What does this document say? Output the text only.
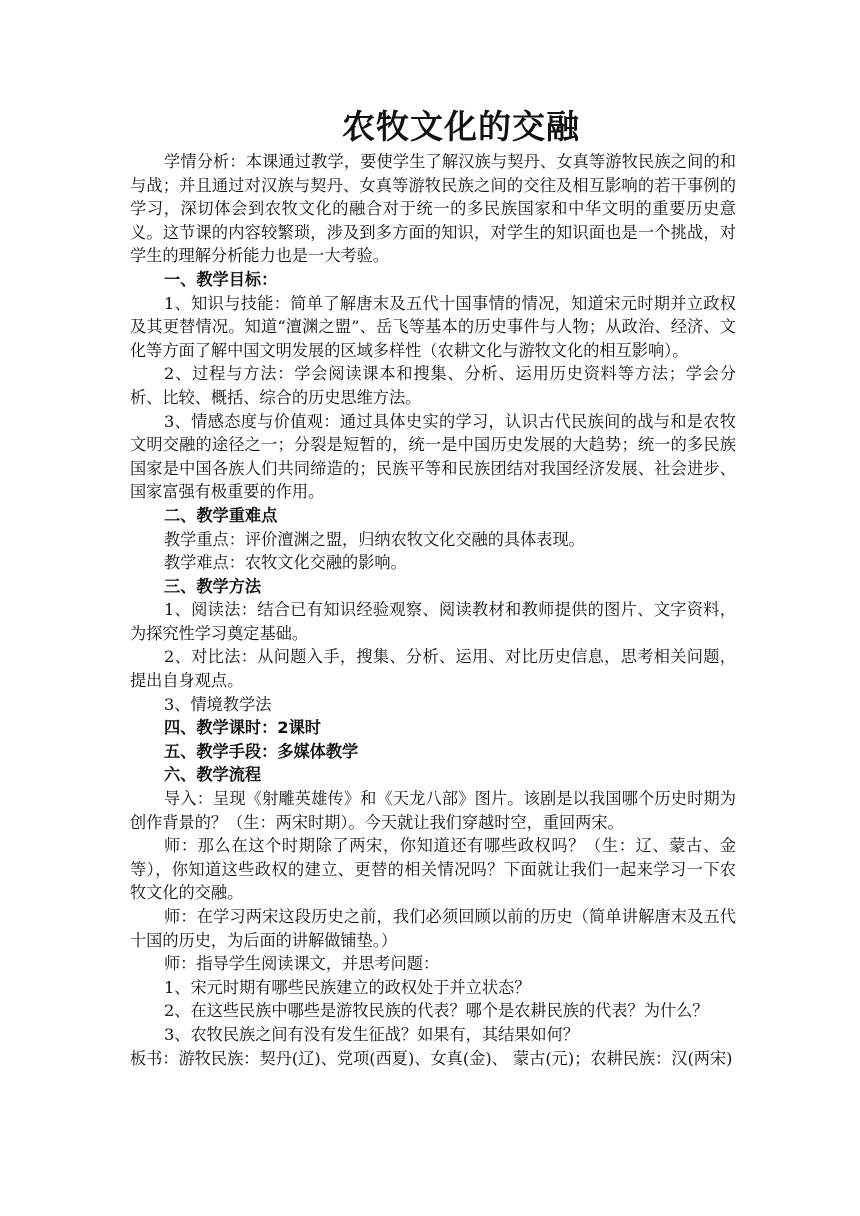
农牧文化的交融

学情分析：本课通过教学，要使学生了解汉族与契丹、女真等游牧民族之间的和与战；并且通过对汉族与契丹、女真等游牧民族之间的交往及相互影响的若干事例的学习，深切体会到农牧文化的融合对于统一的多民族国家和中华文明的重要历史意义。这节课的内容较繁琐，涉及到多方面的知识，对学生的知识面也是一个挑战，对学生的理解分析能力也是一大考验。

一、教学目标：

1、知识与技能：简单了解唐末及五代十国事情的情况，知道宋元时期并立政权及其更替情况。知道“澶渊之盟”、岳飞等基本的历史事件与人物；从政治、经济、文化等方面了解中国文明发展的区域多样性（农耕文化与游牧文化的相互影响）。

2、过程与方法：学会阅读课本和搜集、分析、运用历史资料等方法；学会分析、比较、概括、综合的历史思维方法。

3、情感态度与价值观：通过具体史实的学习，认识古代民族间的战与和是农牧文明交融的途径之一；分裂是短暂的，统一是中国历史发展的大趋势；统一的多民族国家是中国各族人们共同缔造的；民族平等和民族团结对我国经济发展、社会进步、国家富强有极重要的作用。

二、教学重难点

教学重点：评价澶渊之盟，归纳农牧文化交融的具体表现。

教学难点：农牧文化交融的影响。

三、教学方法

1、阅读法：结合已有知识经验观察、阅读教材和教师提供的图片、文字资料，为探究性学习奠定基础。

2、对比法：从问题入手，搜集、分析、运用、对比历史信息，思考相关问题，提出自身观点。

3、情境教学法

四、教学课时：2课时

五、教学手段：多媒体教学

六、教学流程

导入：呈现《射雕英雄传》和《天龙八部》图片。该剧是以我国哪个历史时期为创作背景的？（生：两宋时期）。今天就让我们穿越时空，重回两宋。

师：那么在这个时期除了两宋，你知道还有哪些政权吗？（生：辽、蒙古、金等），你知道这些政权的建立、更替的相关情况吗？下面就让我们一起来学习一下农牧文化的交融。

师：在学习两宋这段历史之前，我们必须回顾以前的历史（简单讲解唐末及五代十国的历史，为后面的讲解做铺垫。）

师：指导学生阅读课文，并思考问题：

1、宋元时期有哪些民族建立的政权处于并立状态？

2、在这些民族中哪些是游牧民族的代表？哪个是农耕民族的代表？为什么？

3、农牧民族之间有没有发生征战？如果有，其结果如何？

板书：游牧民族：契丹(辽)、党项(西夏)、女真(金)、 蒙古(元)；农耕民族：汉(两宋)
